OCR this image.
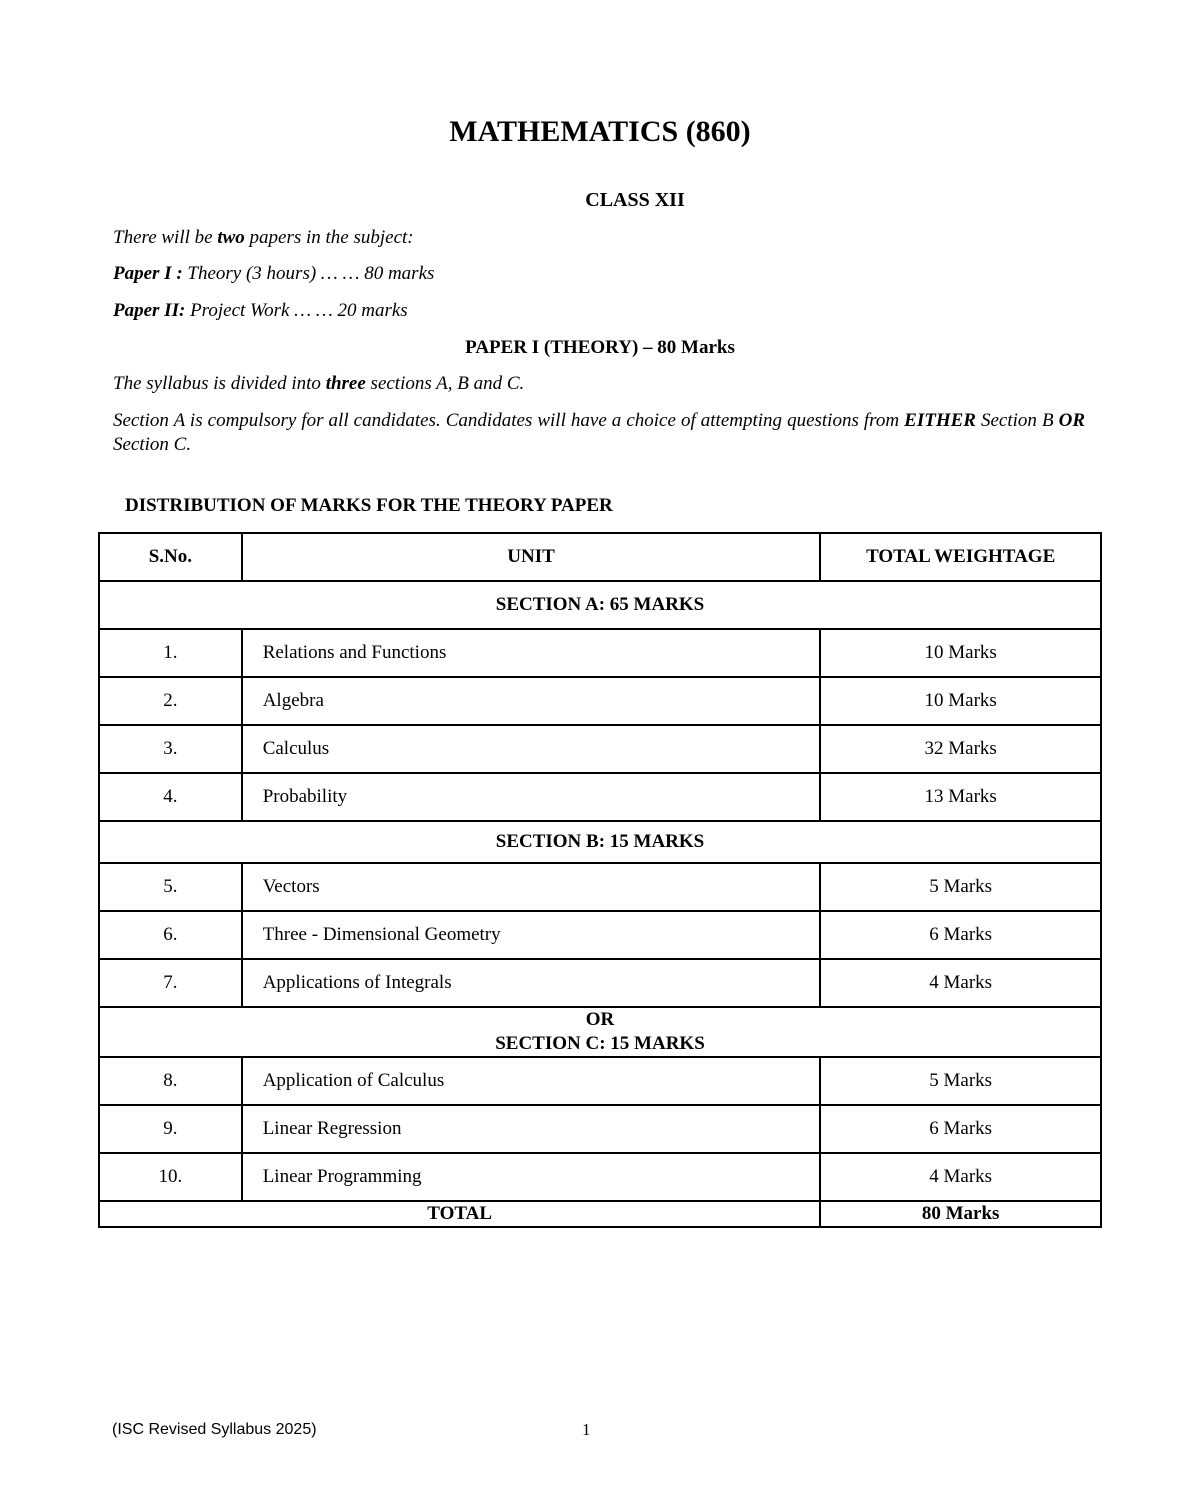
MATHEMATICS (860)
CLASS XII
There will be two papers in the subject:
Paper I : Theory (3 hours) … … 80 marks
Paper II: Project Work … … 20 marks
PAPER I (THEORY) – 80 Marks
The syllabus is divided into three sections A, B and C.
Section A is compulsory for all candidates. Candidates will have a choice of attempting questions from EITHER Section B OR Section C.
DISTRIBUTION OF MARKS FOR THE THEORY PAPER
S.No.	UNIT	TOTAL WEIGHTAGE
SECTION A: 65 MARKS		
1.	Relations and Functions	10 Marks
2.	Algebra	10 Marks
3.	Calculus	32 Marks
4.	Probability	13 Marks
SECTION B: 15 MARKS		
5.	Vectors	5 Marks
6.	Three - Dimensional Geometry	6 Marks
7.	Applications of Integrals	4 Marks

OR
SECTION C: 15 MARKS		

8.	Application of Calculus	5 Marks
9.	Linear Regression	6 Marks
10.	Linear Programming	4 Marks
TOTAL		80 Marks
(ISC Revised Syllabus 2025)	1
